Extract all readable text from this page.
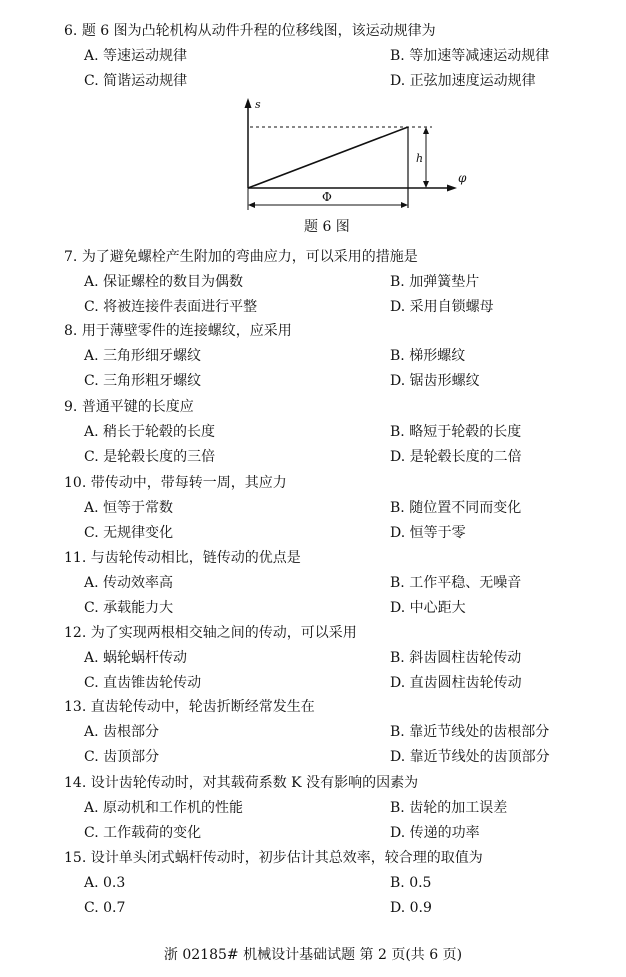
6. 题 6 图为凸轮机构从动件升程的位移线图，该运动规律为
A. 等速运动规律	B. 等加速等减速运动规律
C. 简谐运动规律	D. 正弦加速度运动规律
s
h
φ
Φ
题 6 图
7. 为了避免螺栓产生附加的弯曲应力，可以采用的措施是
A. 保证螺栓的数目为偶数	B. 加弹簧垫片
C. 将被连接件表面进行平整	D. 采用自锁螺母
8. 用于薄壁零件的连接螺纹，应采用
A. 三角形细牙螺纹	B. 梯形螺纹
C. 三角形粗牙螺纹	D. 锯齿形螺纹
9. 普通平键的长度应
A. 稍长于轮毂的长度	B. 略短于轮毂的长度
C. 是轮毂长度的三倍	D. 是轮毂长度的二倍
10. 带传动中，带每转一周，其应力
A. 恒等于常数	B. 随位置不同而变化
C. 无规律变化	D. 恒等于零
11. 与齿轮传动相比，链传动的优点是
A. 传动效率高	B. 工作平稳、无噪音
C. 承载能力大	D. 中心距大
12. 为了实现两根相交轴之间的传动，可以采用
A. 蜗轮蜗杆传动	B. 斜齿圆柱齿轮传动
C. 直齿锥齿轮传动	D. 直齿圆柱齿轮传动
13. 直齿轮传动中，轮齿折断经常发生在
A. 齿根部分	B. 靠近节线处的齿根部分
C. 齿顶部分	D. 靠近节线处的齿顶部分
14. 设计齿轮传动时，对其载荷系数 K 没有影响的因素为
A. 原动机和工作机的性能	B. 齿轮的加工误差
C. 工作载荷的变化	D. 传递的功率
15. 设计单头闭式蜗杆传动时，初步估计其总效率，较合理的取值为
A. 0.3	B. 0.5
C. 0.7	D. 0.9
浙 02185# 机械设计基础试题 第 2 页(共 6 页)
